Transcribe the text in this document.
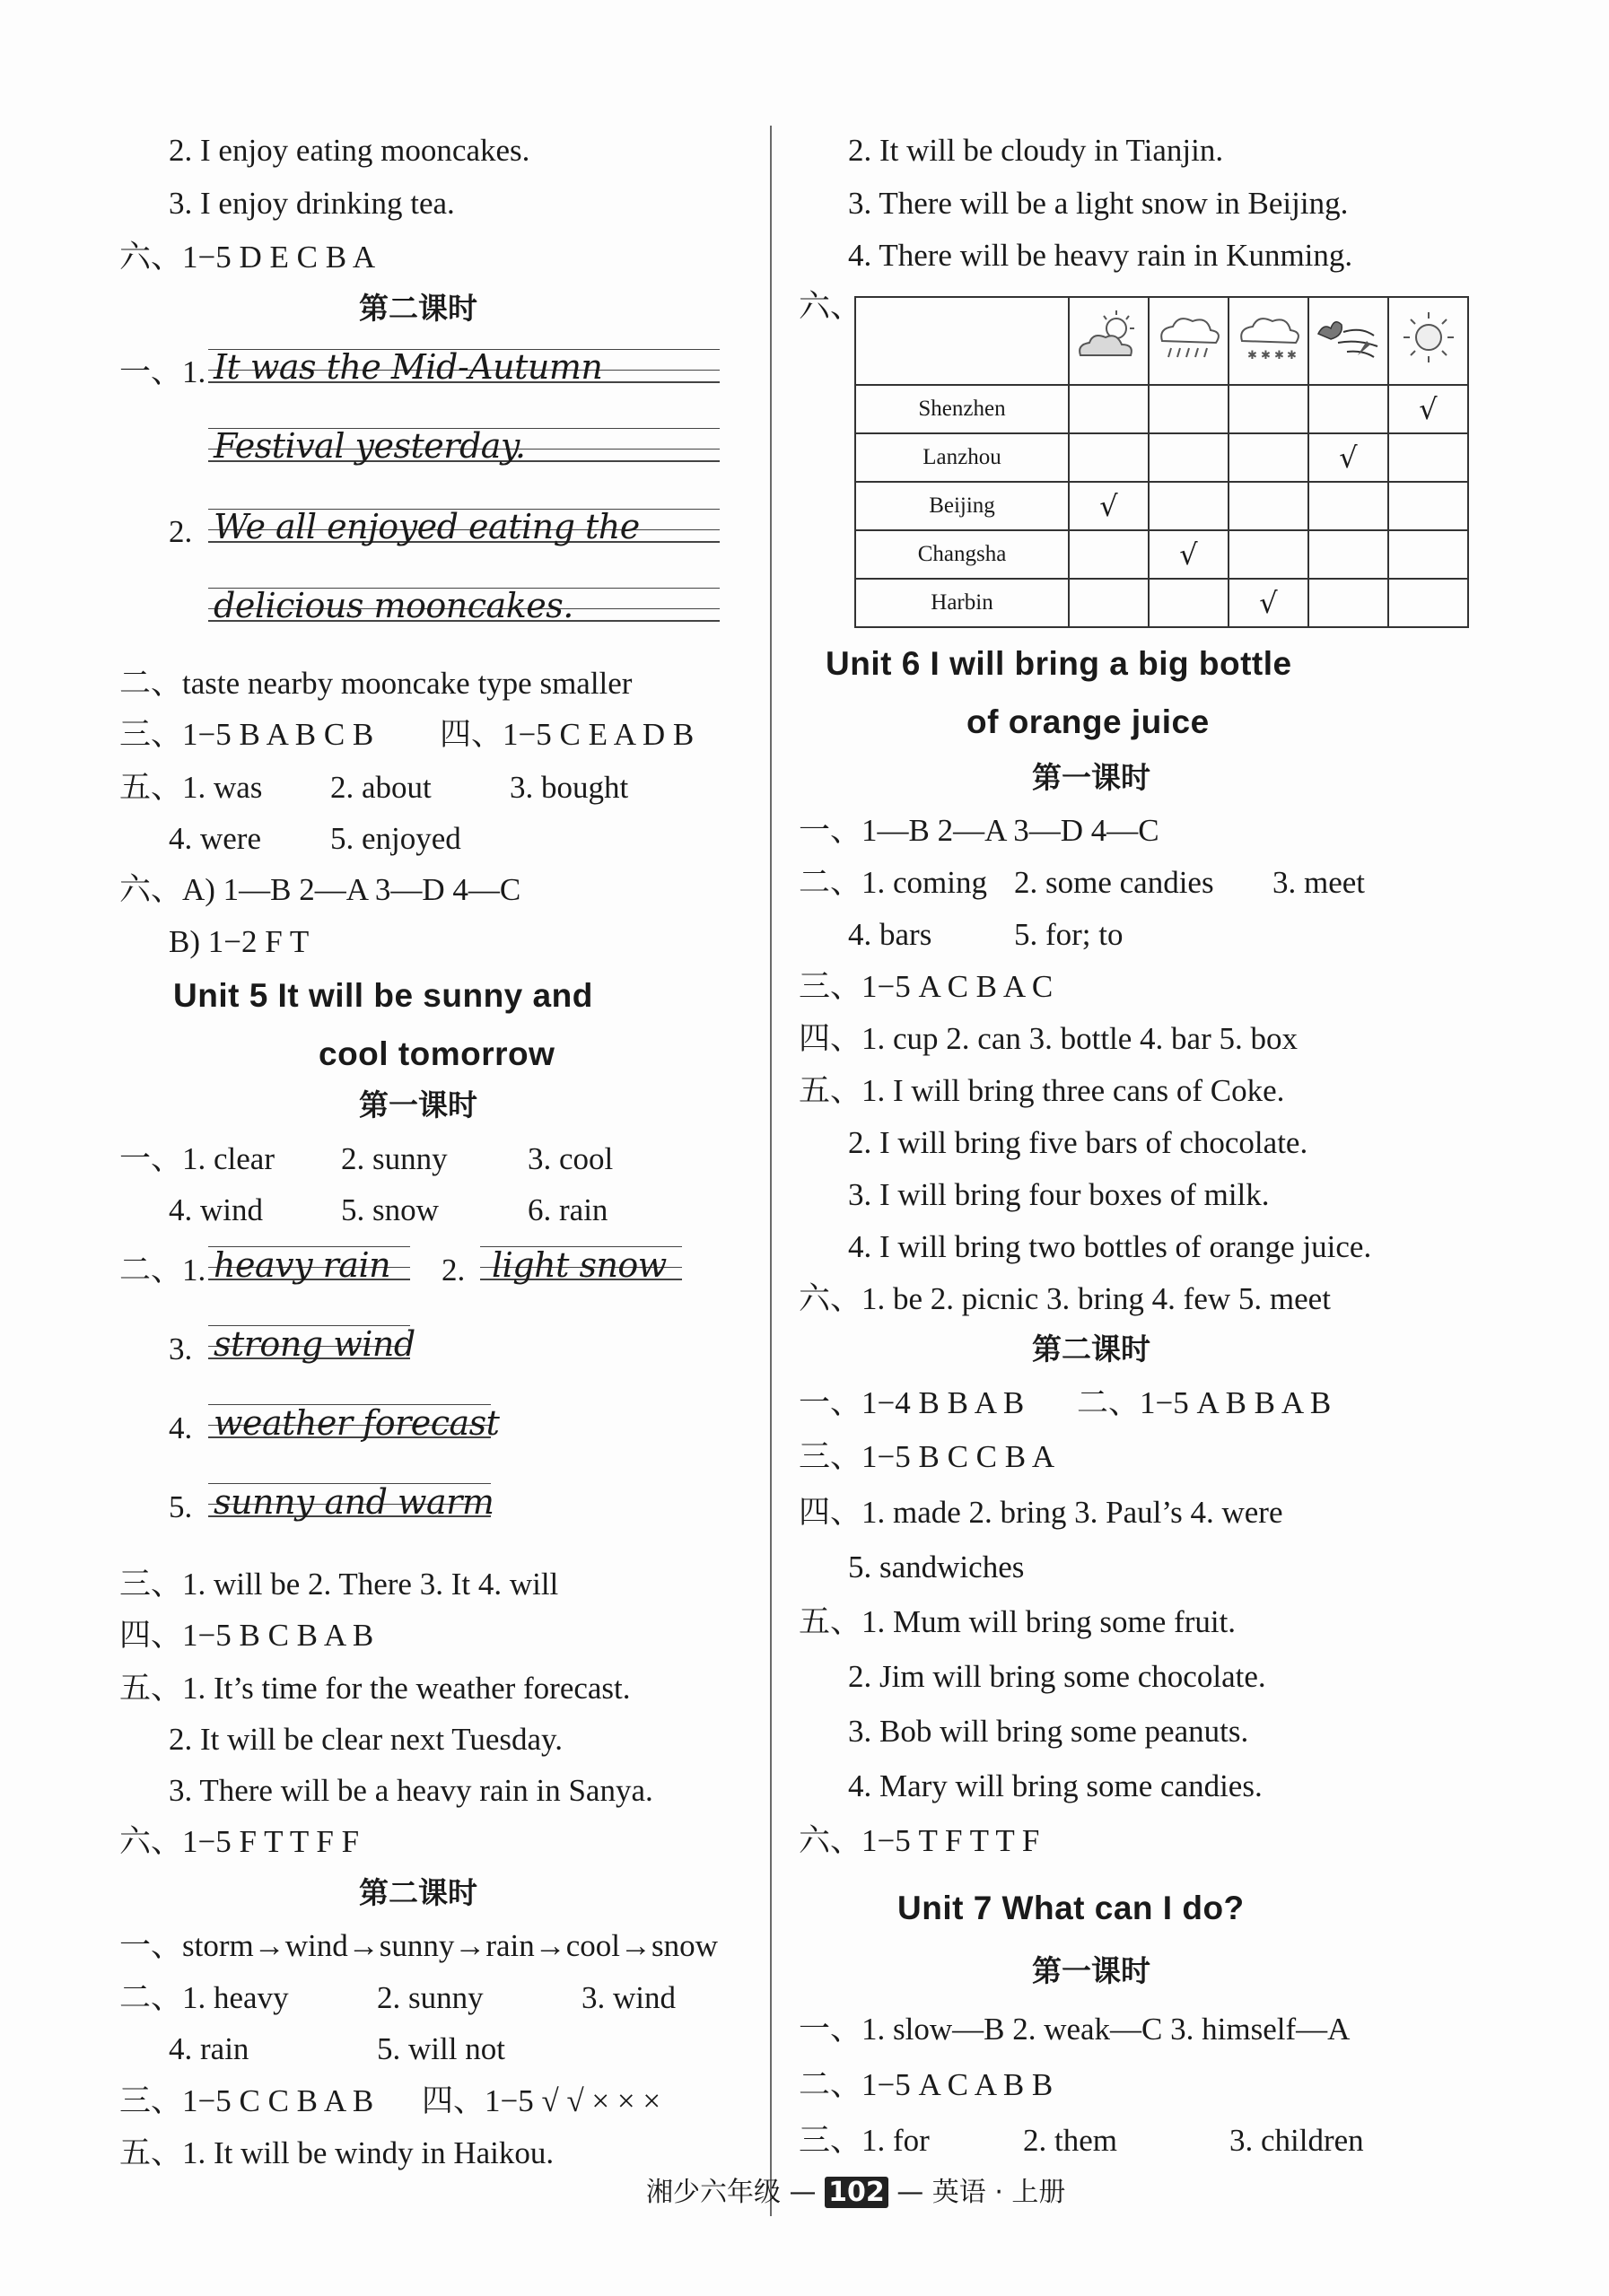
2. I enjoy eating mooncakes.
3. I enjoy drinking tea.
六、1−5 D E C B A
第二课时
一、1. It was the Mid-Autumn
Festival yesterday.
2. We all enjoyed eating the
delicious mooncakes.
二、taste nearby mooncake type smaller
三、1−5 B A B C B 四、1−5 C E A D B
五、1. was 2. about 3. bought
4. were 5. enjoyed
六、A) 1—B 2—A 3—D 4—C
B) 1−2 F T
Unit 5 It will be sunny and
cool tomorrow
第一课时
一、1. clear 2. sunny	3. cool
4. wind 5. snow	6. rain
二、1. heavy rain 2. light snow
3. strong wind
4. weather forecast
5. sunny and warm
三、1. will be 2. There 3. It 4. will
四、1−5 B C B A B
五、1. It’s time for the weather forecast.
2. It will be clear next Tuesday.
3. There will be a heavy rain in Sanya.
六、1−5 F T T F F
第二课时
一、storm→wind→sunny→rain→cool→snow
二、1. heavy	2. sunny	3. wind
4. rain	5. will not
三、1−5 C C B A B 四、1−5 √ √ × × ×
五、1. It will be windy in Haikou.
2. It will be cloudy in Tianjin.
3. There will be a light snow in Beijing.
4. There will be heavy rain in Kunming.
六、

✱ ✱ ✱ ✱

Shenzhen					√
Lanzhou				√	
Beijing	√				
Changsha		√			
Harbin			√		
Unit 6 I will bring a big bottle
of orange juice
第一课时
一、1—B 2—A 3—D 4—C
二、1. coming 2. some candies 3. meet
4. bars	5. for; to
三、1−5 A C B A C
四、1. cup 2. can 3. bottle 4. bar 5. box
五、1. I will bring three cans of Coke.
2. I will bring five bars of chocolate.
3. I will bring four boxes of milk.
4. I will bring two bottles of orange juice.
六、1. be 2. picnic 3. bring 4. few 5. meet
第二课时
一、1−4 B B A B 二、1−5 A B B A B
三、1−5 B C C B A
四、1. made 2. bring 3. Paul’s 4. were
5. sandwiches
五、1. Mum will bring some fruit.
2. Jim will bring some chocolate.
3. Bob will bring some peanuts.
4. Mary will bring some candies.
六、1−5 T F T T F
Unit 7 What can I do?
第一课时
一、1. slow—B 2. weak—C 3. himself—A
二、1−5 A C A B B
三、1. for	2. them	3. children
湘少六年级 — 102 — 英语 · 上册
